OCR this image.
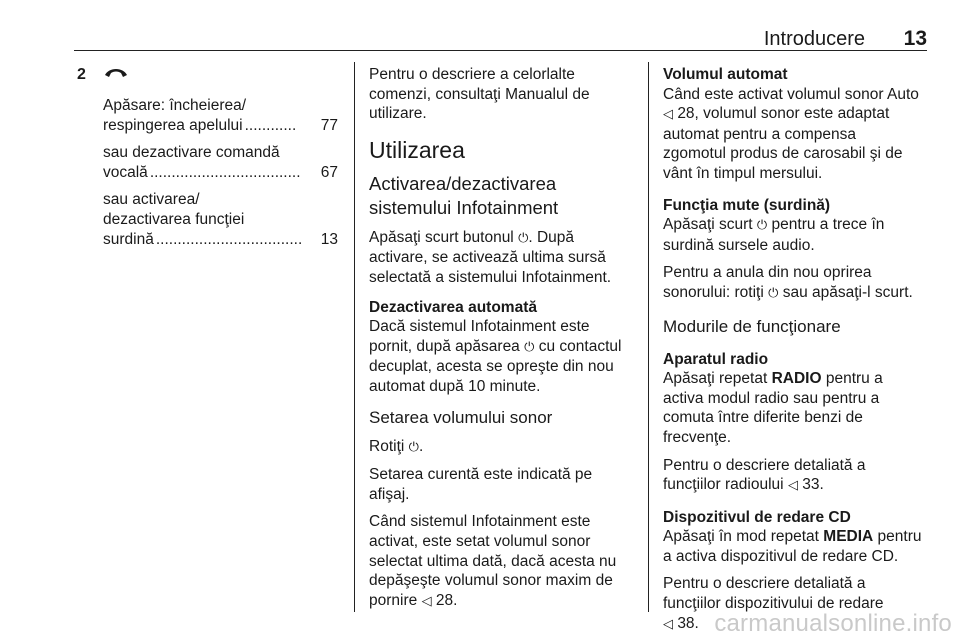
Introducere 13
2

Apăsare: încheierea/

respingerea apelului ............	77

sau dezactivare comandă

vocală ...................................	67

sau activarea/

dezactivarea funcţiei

surdină ..................................	13

Pentru o descriere a celorlalte

comenzi, consultaţi Manualul de

utilizare.

Utilizarea

Activarea/dezactivarea

sistemului Infotainment

Apăsaţi scurt butonul ⏻. După

activare, se activează ultima sursă

selectată a sistemului Infotainment.

Dezactivarea automată

Dacă sistemul Infotainment este

pornit, după apăsarea ⏻ cu contactul

decuplat, acesta se opreşte din nou

automat după 10 minute.

Setarea volumului sonor

Rotiţi ⏻.

Setarea curentă este indicată pe

afişaj.

Când sistemul Infotainment este

activat, este setat volumul sonor

selectat ultima dată, dacă acesta nu

depăşeşte volumul sonor maxim de

pornire ◁ 28.

Volumul automat

Când este activat volumul sonor Auto

◁ 28, volumul sonor este adaptat

automat pentru a compensa

zgomotul produs de carosabil şi de

vânt în timpul mersului.

Funcţia mute (surdină)

Apăsaţi scurt ⏻ pentru a trece în

surdină sursele audio.

Pentru a anula din nou oprirea

sonorului: rotiţi ⏻ sau apăsaţi-l scurt.

Modurile de funcţionare

Aparatul radio

Apăsaţi repetat RADIO pentru a

activa modul radio sau pentru a

comuta între diferite benzi de

frecvenţe.

Pentru o descriere detaliată a

funcţiilor radioului ◁ 33.

Dispozitivul de redare CD

Apăsaţi în mod repetat MEDIA pentru

a activa dispozitivul de redare CD.

Pentru o descriere detaliată a

funcţiilor dispozitivului de redare

◁ 38. carmanualsonline.info
